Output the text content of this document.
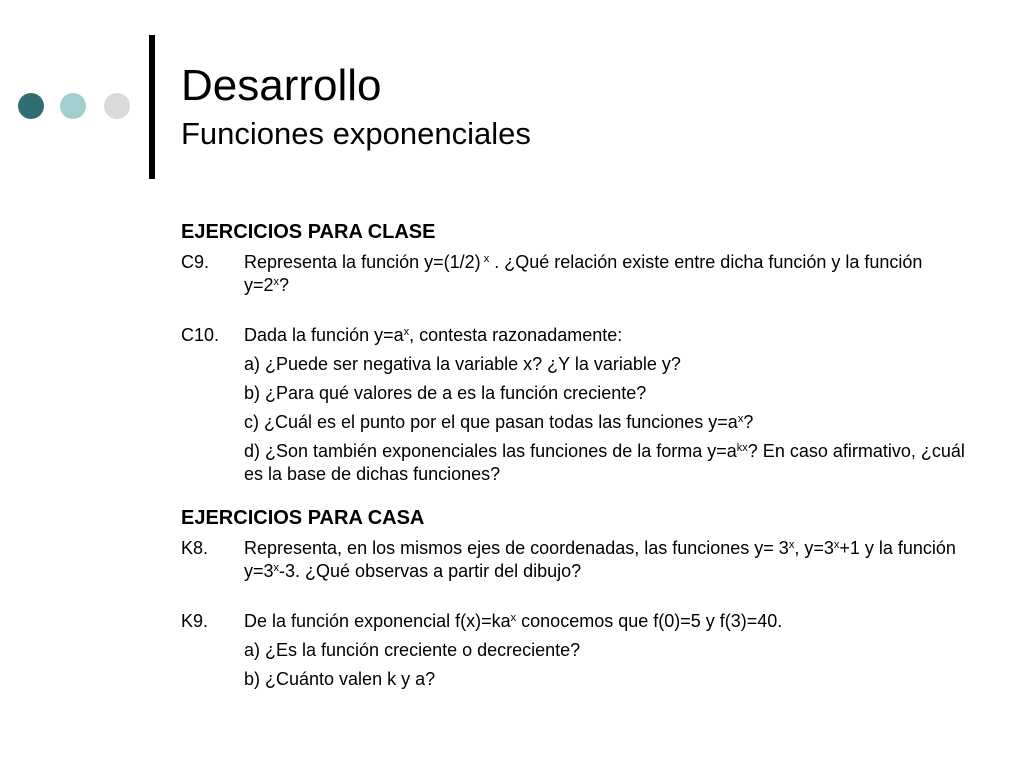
Desarrollo
Funciones exponenciales

EJERCICIOS PARA CLASE

C9.	Representa la función y=(1/2) $^x$ . ¿Qué relación existe entre dicha función y la función $y=2^x$?
C10.	Dada la función $y=a^x$, contesta razonadamente:
a) ¿Puede ser negativa la variable x? ¿Y la variable y?
b) ¿Para qué valores de a es la función creciente?
c) ¿Cuál es el punto por el que pasan todas las funciones $y=a^x$?
d) ¿Son también exponenciales las funciones de la forma $y=a^{kx}$? En caso afirmativo, ¿cuál es la base de dichas funciones?

EJERCICIOS PARA CASA

K8.	Representa, en los mismos ejes de coordenadas, las funciones $y= 3^x$, $y=3^x+1$ y la función $y=3^x-3$. ¿Qué observas a partir del dibujo?
K9.	De la función exponencial $f(x)=ka^x$ conocemos que f(0)=5 y f(3)=40.
a) ¿Es la función creciente o decreciente?
b) ¿Cuánto valen k y a?
